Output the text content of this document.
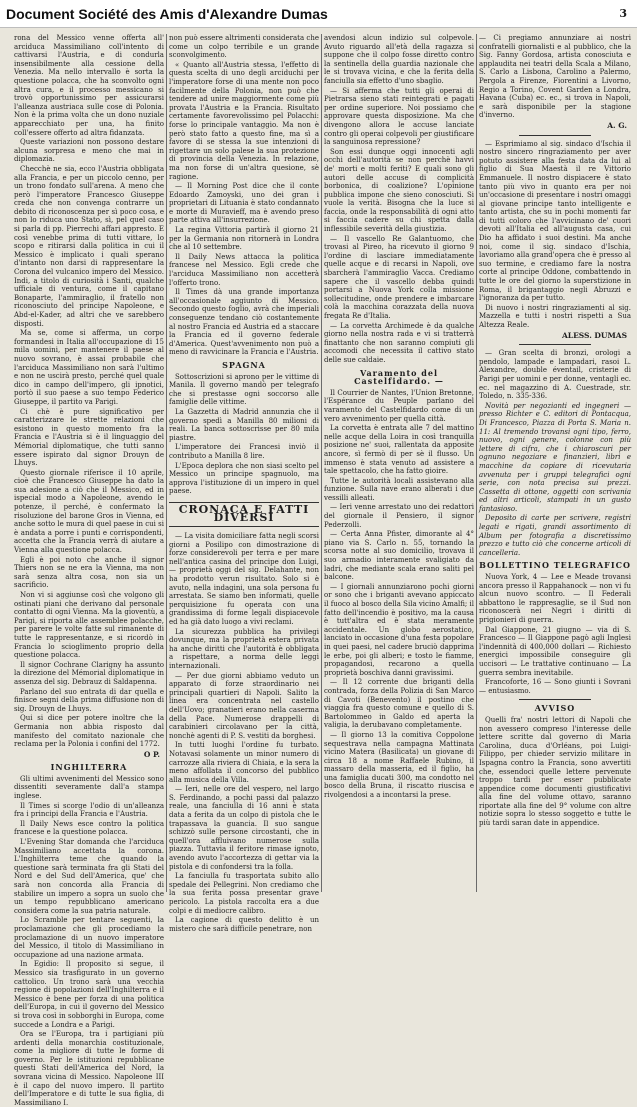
Document Société des Amis d'Alexandre Dumas	3

rona del Messico venne offerta all' arciduca Massimiliano coll'intento di cattivarsi l'Austria, e di condurla insensibilmente alla cessione della Venezia. Ma nello intervallo è sorta la questione polacca, che ha sconvolto ogni altra cura, e il processo messicano si trovò opportunissimo per assicurarsi l'alleanza austriaca sulle cose di Polonia. Non è la prima volta che un dono nuziale apparecchiato per una, ha finito coll'essere offerto ad altra fidanzata.

Queste variazioni non possono destare alcuna sorpresa e meno che mai in diplomazia.

Checchè ne sia, ecco l'Austria obbligata alla Francia, e per un piccolo cenno, per un trono fondato sull'arena. A meno che però l'imperatore Francesco Giuseppe creda che non convenga contrarre un debito di riconoscenza per sì poco cosa, e non lo riduca uno Stato, sì, pel quel caso si parla di pp. Pierrechi affari appresto. E così venebbe prima di tutti vittare, lo scopo e ritirarsi dalla politica in cui il Messico è implicato i quali sperano d'intanto non darsi di rappresentare la Corona del vulcanico impero del Messico. Indi, a titolo di curiosità i Santi, qualche ufficiale di ventura, come il capitano Bonaparte, l'ammiraglio, il fratello non riconosciuto del principe Napoleone, e Abd-el-Kader, ad altri che ve sarebbero disposti.

Ma se, come si afferma, un corpo formandesi in Italia all'occupazione di 15 mila uomini, per mantenere il paese al nuovo sovrano, è assai probabile che l'arciduca Massimiliano non sarà l'ultimo e non ne uscirà presto, perché quel quale dico in campo dell'impero, gli ipnotici, portò il suo paese a suo tempo Federico Giuseppe, il partito va Parigi.

Ci chè è pure significativo per caratterizzare le strette relazioni che esistono in questo momento fra la Francia e l'Austria si è il linguaggio del Mémorial diplomatique, che tutti sanno essere ispirato dal signor Drouyn de Lhuys.

Questo giornale riferisce il 10 aprile, cioè che Francesco Giuseppe ha dato la sua adesione a ciò che il Messico, ed in ispecial modo a Napoleone, avendo le potenze, il perché, è confermato la risoluzione del barone Gros in Vienna, ed anche sotto le mura di quel paese in cui si è andata a porre i punti e corrispondenti, accetta che la Francia verrà di aiutare a Vienna alla questione polacca.

Egli è poi noto che anche il signor Thiers non se ne era la Vienna, ma non sarà senza altra cosa, non sia un sacrificio.

Non vi si aggiunse così che volgono gli ostinati piani che derivano dal personale contatto di ogni Vienna. Ma la gioventù, a Parigi, si riporta alle assemblee polacche, per parere le volte fatte sul rimanente di tutte le rappresentanze, e si ricordò in Francia lo scioglimento proprio della questione polacca.

Il signor Cochrane Clarigny ha assunto la direzione del Mémorial diplomatique in assenza del sig. Debrauz di Saldapenna.

Parlano del suo entrata di dar quella e finisce segni della prima diffusione non di sig. Drouyn de Lhuys.

Qui si dice per potere inoltre che la Germania non abbia risposto dal manifesto del comitato nazionale che reclama per la Polonia i confini del 1772.

O P.
INGHILTERRA

Gli ultimi avvenimenti del Messico sono dissentiti severamente dall'a stampa inglese.

Il Times si scorge l'odio di un'alleanza fra i principi della Francia e l'Austria.

Il Daily News esce contro la politica francese e la questione polacca.

L'Evening Star domanda che l'arciduca Massimiliano accettata la corona. L'Inghilterra teme che quando la questione sarà terminata fra gli Stati del Nord e del Sud dell'America, que' che sarà non concorda alla Francia di stabilire un impero a sopra un suolo che un tempo repubblicano americano considera come la sua patria naturale.

Lo Scramble per tentare seguenti, la proclamazione che gli procediamo la proclamazione di un nuovo imperatore del Messico, il titolo di Massimiliano in occupazione ad una nazione armata.

In Egidio: Il proposito si segue, il Messico sia trasfigurato in un governo cattolico. Un trono sarà una vecchia regione di popolazioni dell'Inghilterra e il Messico è bene per forza di una politica dell'Europa, in cui il governo del Messico si trova così in sobborghi in Europa, come succede a Londra e a Parigi.

Ora se l'Europa, tra i partigiani più ardenti della monarchia costituzionale, come la migliore di tutte le forme di governo. Per le istituzioni repubblicane questi Stati dell'America del Nord, la sovrana vicina di Messico. Napoleone III è il capo del nuovo impero. Il partito dell'Imperatore e di tutte le sua figlia, di Massimiliano I.

non può essere altrimenti considerata che come un colpo terribile e un grande sconvolgimento.

« Quanto all'Austria stessa, l'effetto di questa scelta di uno degli arciduchi per l'imperatore forse di una mente non poco facilmente della Polonia, non può che tendere ad unire maggiormente come più provata l'Austria e la Francia. Risultato certamente favorevolissimo pel Polacchi: forse lo principale vantaggio. Ma non è però stato fatto a questo fine, ma sì a favore di se stessa la sue intenzioni di rigettare un solo palese la sua protezione di provincia della Venezia. In relazione, ma non forse di un'altra quesione, sè ragione.

— Il Morning Post dice che il conte Edoardo Zamoyski, uno dei gran i proprietari di Lituania è stato condannato e morte di Muravieff, ma è avendo preso parte attiva all'insurrezione.

La regina Vittoria partirà il giorno 21 per la Germania non ritornerà in Londra che al 10 settembre.

Il Daily News attacca la politica francese nel Messico. Egli crede che l'arciduca Massimiliano non accetterà l'offerto trono.

Il Times dà una grande importanza all'occasionale aggiunto di Messico. Secondo questo foglio, avrà che imperiali conseguenze tendano ciò costantemente al nostro Francia ed Austria ed a staccare la Francia ed il governo federale d'America. Quest'avvenimento non può a meno di ravvicinare la Francia e l'Austria.

SPAGNA

Sottoscrizioni si aprono per le vittime di Manila. Il governo mandò per telegrafo che si prestasse ogni soccorso alle famiglie delle vittime.

La Gazzetta di Madrid annunzia che il governo spedì a Manilla 80 milioni di reali. La banca sottoscrisse per 80 mila piastre.

L'imperatore dei Francesi inviò il contributo a Manilla 8 lire.

L'Epoca deplora che non siasi scelto pel Messico un principe spagnuolo, ma approva l'istituzione di un impero in quel paese.

CRONACA E FATTI DIVERSI

— La visita domiciliare fatta negli scorsi giorni a Posilipo con dimostrazione di forze considerevoli per terra e per mare nell'antica casina del principe don Luigi, — proprietà oggi del sig. Delahante, non ha prodotto verun risultato. Solo si è avuto, nella indagini, una sola persona fu arrestata. Se siamo ben informati, quelle perquisizione fu operata con una grandissima di forme legali dispiacevole ed ha già dato luogo a vivi reclami.

La sicurezza pubblica ha privilegi dovunque, ma la proprietà estera privata ha anche diritti che l'autorità è obbligata a rispettare, a norma delle leggi internazionali.

— Per due giorni abbiamo veduto un apparato di forze straordinario nei principali quartieri di Napoli. Salito la linea era concentrata nel castello dell'Uovo; granatieri erano nella caserma della Pace. Numerose drappelli di carabinieri circolavano per la città, nonchè agenti di P. S. vestiti da borghesi.

In tutti luoghi l'ordine fu turbato. Notavasi solamente un minor numero di carrozze alla riviera di Chiaia, e la sera la meno affollata il concorso del pubblico alla musica della Villa.

— Ieri, nelle ore del vespero, nel largo S. Ferdinando, a pochi passi dal palazzo reale, una fanciulla di 16 anni è stata data a ferita da un colpo di pistola che le trapassava la guancia. Il suo sangue schizzò sulle persone circostanti, che in quell'ora affluivano numerose sulla piazza. Tuttavia il feritore rimase ignoto, avendo avuto l'accortezza di gettar via la pistola e di confondersi tra la folla.

La fanciulla fu trasportata subito allo spedale dei Pellegrini. Non crediamo che la sua ferita possa presentar grave pericolo. La pistola raccolta era a due colpi e di mediocre calibro.

La cagione di questo delitto è un mistero che sarà difficile penetrare, non

avendosi alcun indizio sul colpevole. Avuto riguardo all'età della ragazza si suppone che il colpo fosse diretto contro la sentinella della guardia nazionale che le si trovava vicina, e che la ferita della fanciulla sia effetto d'uno sbaglio.

— Si afferma che tutti gli operai di Pietrarsa sieno stati reintegrati e pagati per ordine superiore. Noi possiamo che approvare questa disposizione. Ma che divengono allora le accuse lanciate contro gli operai colpevoli per giustificare la sanguinosa repressione?

Son essi dunque oggi innocenti agli occhi dell'autorità se non perchè havvi de' morti e molti feriti? E quali sono gli autori delle accuse di complicità borbonica, di coalizione? L'opinione pubblica impone che sieno conosciuti. Si vuole la verità. Bisogna che la luce si faccia, onde la responsabilità di ogni atto si faccia cadere su chi spetta dalla inflessibile severità della giustizia.

— Il vascello Re Galantuomo, che trovasi al Pireo, ha ricevuto il giorno 9 l'ordine di lasciare immediatamente quelle acque e di recarsi in Napoli, ove sbarcherà l'ammiraglio Vacca. Crediamo sapere che il vascello debba quindi portarsi a Nuova York colla missione sollecitudine, onde prendere e imbarcare colà la macchina corazzata della nuova fregata Re d'Italia.

— La corvetta Archimede è da qualche giorno nella nostra rada e vi si tratterrà finattanto che non saranno compiuti gli accomodi che necessita il cattivo stato delle sue caldaie.

Varamento del Castelfidardo. —

Il Courrier de Nantes, l'Union Bretonne, l'Espérance du Peuple parlano del varamento del Castelfidardo come di un vero avvenimento per quella città.

La corvetta è entrata alle 7 del mattino nelle acque della Loira in così tranquilla posizione ne' suoi, rallentata da apposite ancore, sì fermò di per sè il flusso. Un immenso è stata venuto ad assistere a tale spettacolo, che ha fatto gioire.

Tutte le autorità locali assistevano alla funzione. Sulla nave erano alberati i due vessilli alleati.

— Ieri venne arrestato uno dei redattori del giornale il Pensiero, il signor Pederzolli.

— Certa Anna Pfister, dimorante al 4° piano via S. Carlo n. 55, tornando la scorsa notte al suo domicilio, trovava il suo armadio interamente svaligiato da ladri, che mediante scala erano saliti pel balcone.

— I giornali annunziarono pochi giorni or sono che i briganti avevano appiccato il fuoco al bosco della Sila vicino Amalfi; il fatto dell'incendio è positivo, ma la causa è tutt'altra ed è stata meramente accidentale. Un globo aerostatico, lanciato in occasione d'una festa popolare in quei paesi, nel cadere bruciò dapprima le erbe, poi gli alberi; e tosto le fiamme, propagandosi, recarono a quella proprietà boschiva danni gravissimi.

— Il 12 corrente due briganti della contrada, forza della Polizia di San Marco di Cavoti (Benevento) il postino che viaggia fra questo comune e quello di S. Bartolommeo in Galdo ed aperta la valigia, la derubavano completamente.

— Il giorno 13 la comitiva Coppolone sequestrava nella campagna Mattinata vicino Matera (Basilicata) un giovane di circa 18 a nome Raffaele Rubino, il massaro della masseria, ed il figlio, ha una famiglia ducati 300, ma condotto nel bosco della Bruna, il riscatto riuscisa e rivolgendosi a a incontarsi la prese.

— Ci pregiamo annunziare ai nostri confratelli giornalisti e al pubblico, che la Sig. Fanny Gordosa, artista conosciuta e applaudita nei teatri della Scala a Milano, S. Carlo a Lisbona, Carolino a Palermo, Pergola a Firenze, Fiorentini a Livorno, Regio a Torino, Covent Garden a Londra, Havana (Cuba) ec. ec., si trova in Napoli, e sarà disponibile per la stagione d'inverno.

A. G.

— Esprimiamo al sig. sindaco d'Ischia il nostro sincero ringraziamento per aver potuto assistere alla festa data da lui al figlio di Sua Maestà il re Vittorio Emmanuele. Il nostro dispiacere è stato tanto più vivo in quanto era per noi un'occasione di presentare i nostri omaggi al giovane principe tanto intelligente e tanto artista, che su in pochi momenti far di tutti coloro che l'avvicinano de' cuori devoti all'Italia ed all'augusta casa, cui Dio ha affidato i suoi destini. Ma anche noi, come il sig. sindaco d'Ischia, lavoriamo alla grand'opera che è presso al suo termine, e crediamo fare la nostra corte al principe Oddone, combattendo in tutte le ore del giorno la superstizione in Roma, il brigantaggio negli Abruzzi e l'ignoranza da per tutto.

Di nuovo i nostri ringraziamenti al sig. Mazzella e tutti i nostri rispetti a Sua Altezza Reale.

ALESS. DUMAS

— Gran scelta di bronzi, orologi a pendolo, lampade e lampadari, rasoi L. Alexandre, double éventail, cristerie di Parigi per uomini e per donne, ventagli ec. ec. nel magazzino di A. Cuestrade, str. Toledo, n. 335-336.

Novità per negozianti ed ingegneri — presso Richter e C. editori di Pontacqua, Di Francesco, Piazza di Porta S. Maria n. 11: Al tremendo trovansi ogni tipo, ferro, nuovo, ogni genere, colonne con più lettere di cifra, che i chiaroscuri per ognuno negoziare e finanzieri, libri e macchine da copiare di ricevutaria avvenuta per i gruppi telegrafici ogni serie, con nota precisa sui prezzi. Cassetta di ottone, oggetti con scrivania ed altri articoli, stampati in un gusto fantasioso.

Deposito di carte per scrivere, registri legati e rigati, grandi assortimento di Album per fotografia a discretissimo prezzo e tutto ciò che concerne articoli di cancelleria.

BOLLETTINO TELEGRAFICO

Nuova York, 4 — Lee e Meade trovansi ancora presso il Rappahanock — non vi fu alcun nuovo scontro. — Il Federali abbattono le rappresaglie, se il Sud non riconoscerà nei Negri i diritti di prigionieri di guerra.

Dal Giappone, 21 giugno — via di S. Francesco — Il Giappone pagò agli Inglesi l'indennità di 400,000 dollari — Richiesto energici impossibile conseguire gli uccisori — Le trattative continuano — La guerra sembra inevitabile.

Francoforte, 16 — Sono giunti i Sovrani — entusiasmo.

AVVISO

Quelli fra' nostri lettori di Napoli che non avessero compreso l'interesse delle lettere scritte dal governo di Maria Carolina, duca d'Orléans, poi Luigi-Filippo, per chieder servizio militare in Ispagna contro la Francia, sono avvertiti che, essendoci quelle lettere pervenute troppo tardi per esser pubblicate appendice come documenti giustificativi alla fine del volume ottavo, saranno riportate alla fine del 9° volume con altre notizie sopra lo stesso soggetto e tutte le più tardi saran date in appendice.
